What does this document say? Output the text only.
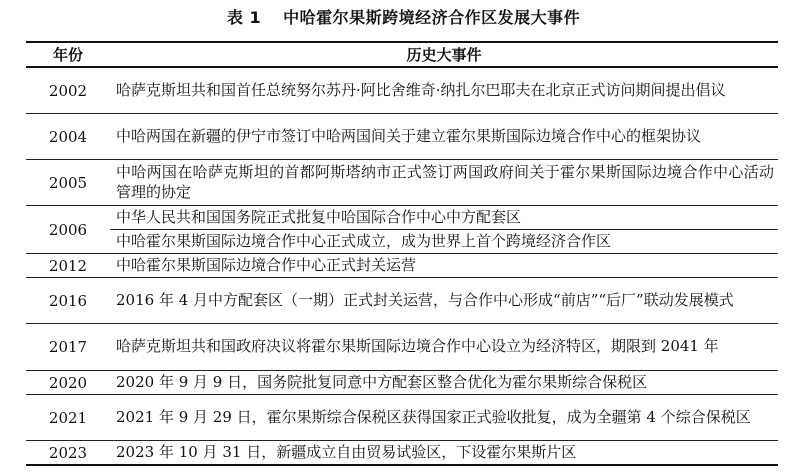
表 1 中哈霍尔果斯跨境经济合作区发展大事件
年份	历史大事件
2002	哈萨克斯坦共和国首任总统努尔苏丹·阿比舍维奇·纳扎尔巴耶夫在北京正式访问期间提出倡议
2004	中哈两国在新疆的伊宁市签订中哈两国间关于建立霍尔果斯国际边境合作中心的框架协议
2005	中哈两国在哈萨克斯坦的首都阿斯塔纳市正式签订两国政府间关于霍尔果斯国际边境合作中心活动管理的协定
2006	中华人民共和国国务院正式批复中哈国际合作中心中方配套区
	中哈霍尔果斯国际边境合作中心正式成立，成为世界上首个跨境经济合作区
2012	中哈霍尔果斯国际边境合作中心正式封关运营
2016	2016 年 4 月中方配套区（一期）正式封关运营，与合作中心形成“前店”“后厂”联动发展模式
2017	哈萨克斯坦共和国政府决议将霍尔果斯国际边境合作中心设立为经济特区，期限到 2041 年
2020	2020 年 9 月 9 日，国务院批复同意中方配套区整合优化为霍尔果斯综合保税区
2021	2021 年 9 月 29 日，霍尔果斯综合保税区获得国家正式验收批复，成为全疆第 4 个综合保税区
2023	2023 年 10 月 31 日，新疆成立自由贸易试验区，下设霍尔果斯片区
